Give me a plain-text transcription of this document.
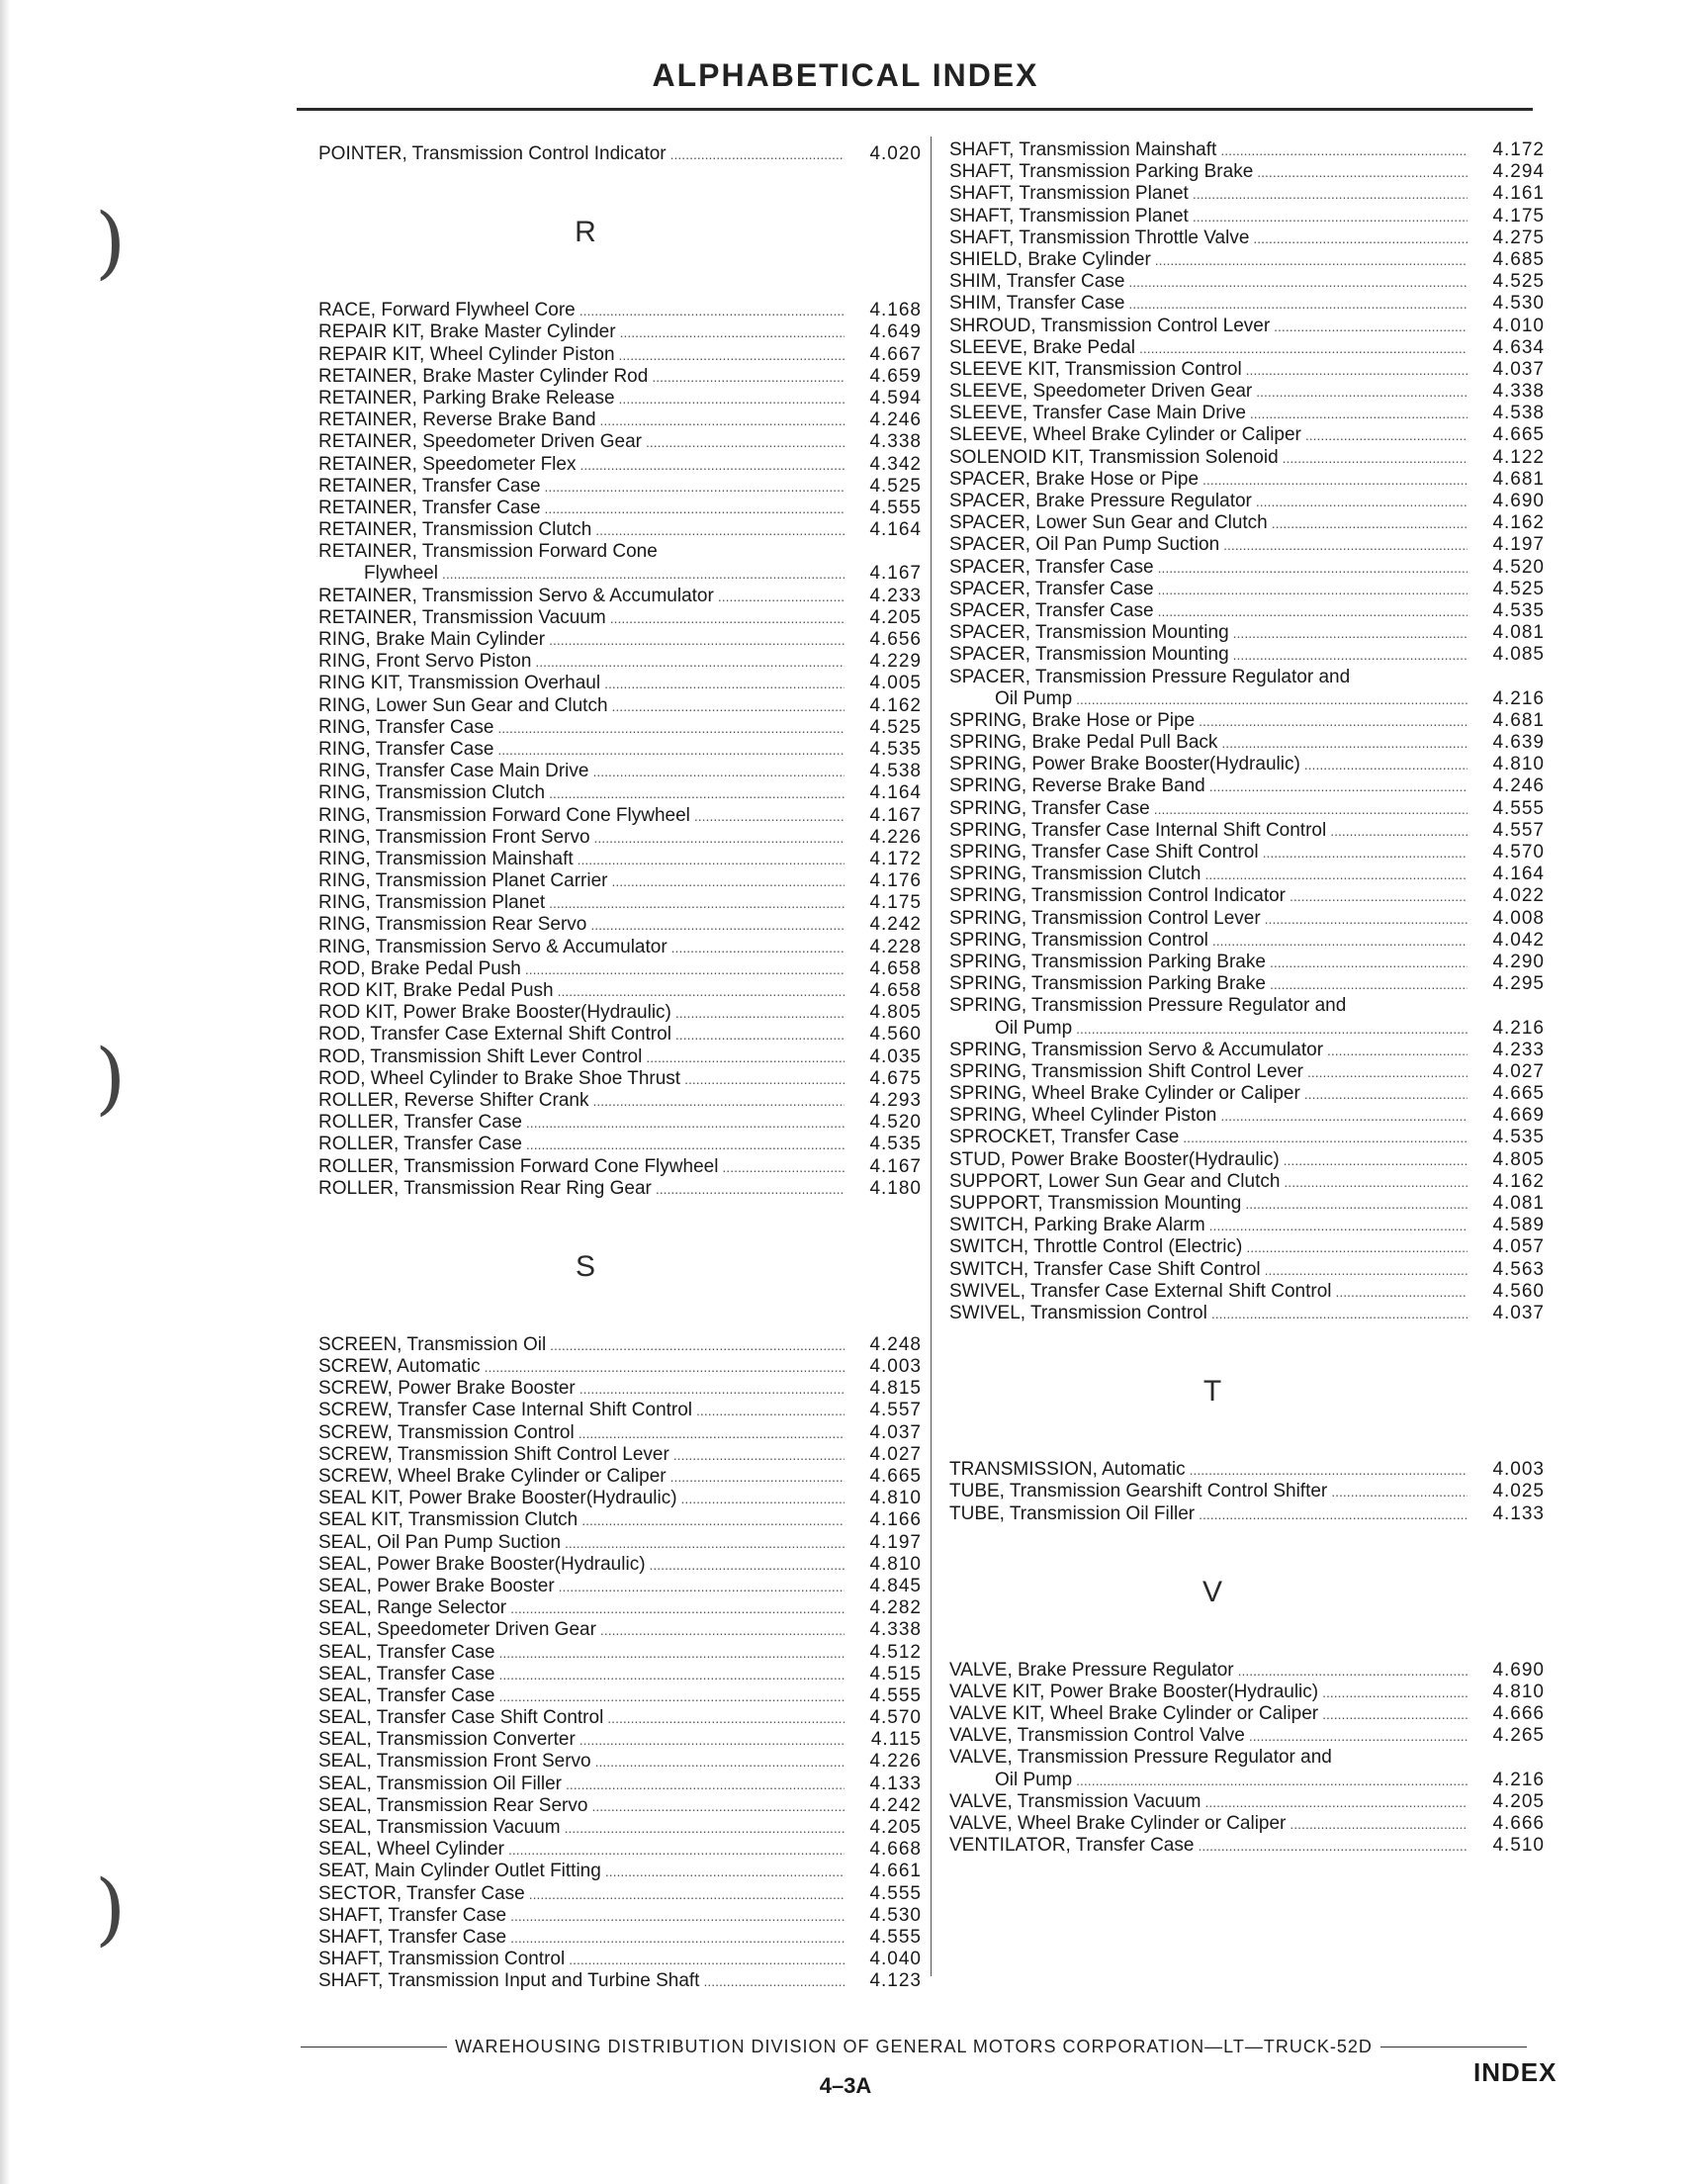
)
)
)
ALPHABETICAL INDEX
POINTER, Transmission Control Indicator .....	4.020
R
RACE, Forward Flywheel Core .....	4.168
REPAIR KIT, Brake Master Cylinder .....	4.649
REPAIR KIT, Wheel Cylinder Piston .....	4.667
RETAINER, Brake Master Cylinder Rod .....	4.659
RETAINER, Parking Brake Release .....	4.594
RETAINER, Reverse Brake Band .....	4.246
RETAINER, Speedometer Driven Gear .....	4.338
RETAINER, Speedometer Flex .....	4.342
RETAINER, Transfer Case .....	4.525
RETAINER, Transfer Case .....	4.555
RETAINER, Transmission Clutch .....	4.164
RETAINER, Transmission Forward Cone
Flywheel .....	4.167
RETAINER, Transmission Servo & Accumulator .....	4.233
RETAINER, Transmission Vacuum .....	4.205
RING, Brake Main Cylinder .....	4.656
RING, Front Servo Piston .....	4.229
RING KIT, Transmission Overhaul .....	4.005
RING, Lower Sun Gear and Clutch .....	4.162
RING, Transfer Case .....	4.525
RING, Transfer Case .....	4.535
RING, Transfer Case Main Drive .....	4.538
RING, Transmission Clutch .....	4.164
RING, Transmission Forward Cone Flywheel .....	4.167
RING, Transmission Front Servo .....	4.226
RING, Transmission Mainshaft .....	4.172
RING, Transmission Planet Carrier .....	4.176
RING, Transmission Planet .....	4.175
RING, Transmission Rear Servo .....	4.242
RING, Transmission Servo & Accumulator .....	4.228
ROD, Brake Pedal Push .....	4.658
ROD KIT, Brake Pedal Push .....	4.658
ROD KIT, Power Brake Booster(Hydraulic) .....	4.805
ROD, Transfer Case External Shift Control .....	4.560
ROD, Transmission Shift Lever Control .....	4.035
ROD, Wheel Cylinder to Brake Shoe Thrust .....	4.675
ROLLER, Reverse Shifter Crank .....	4.293
ROLLER, Transfer Case .....	4.520
ROLLER, Transfer Case .....	4.535
ROLLER, Transmission Forward Cone Flywheel .....	4.167
ROLLER, Transmission Rear Ring Gear .....	4.180
S
SCREEN, Transmission Oil .....	4.248
SCREW, Automatic .....	4.003
SCREW, Power Brake Booster .....	4.815
SCREW, Transfer Case Internal Shift Control .....	4.557
SCREW, Transmission Control .....	4.037
SCREW, Transmission Shift Control Lever .....	4.027
SCREW, Wheel Brake Cylinder or Caliper .....	4.665
SEAL KIT, Power Brake Booster(Hydraulic) .....	4.810
SEAL KIT, Transmission Clutch .....	4.166
SEAL, Oil Pan Pump Suction .....	4.197
SEAL, Power Brake Booster(Hydraulic) .....	4.810
SEAL, Power Brake Booster .....	4.845
SEAL, Range Selector .....	4.282
SEAL, Speedometer Driven Gear .....	4.338
SEAL, Transfer Case .....	4.512
SEAL, Transfer Case .....	4.515
SEAL, Transfer Case .....	4.555
SEAL, Transfer Case Shift Control .....	4.570
SEAL, Transmission Converter .....	4.115
SEAL, Transmission Front Servo .....	4.226
SEAL, Transmission Oil Filler .....	4.133
SEAL, Transmission Rear Servo .....	4.242
SEAL, Transmission Vacuum .....	4.205
SEAL, Wheel Cylinder .....	4.668
SEAT, Main Cylinder Outlet Fitting .....	4.661
SECTOR, Transfer Case .....	4.555
SHAFT, Transfer Case .....	4.530
SHAFT, Transfer Case .....	4.555
SHAFT, Transmission Control .....	4.040
SHAFT, Transmission Input and Turbine Shaft .....	4.123
SHAFT, Transmission Mainshaft .....	4.172
SHAFT, Transmission Parking Brake .....	4.294
SHAFT, Transmission Planet .....	4.161
SHAFT, Transmission Planet .....	4.175
SHAFT, Transmission Throttle Valve .....	4.275
SHIELD, Brake Cylinder .....	4.685
SHIM, Transfer Case .....	4.525
SHIM, Transfer Case .....	4.530
SHROUD, Transmission Control Lever .....	4.010
SLEEVE, Brake Pedal .....	4.634
SLEEVE KIT, Transmission Control .....	4.037
SLEEVE, Speedometer Driven Gear .....	4.338
SLEEVE, Transfer Case Main Drive .....	4.538
SLEEVE, Wheel Brake Cylinder or Caliper .....	4.665
SOLENOID KIT, Transmission Solenoid .....	4.122
SPACER, Brake Hose or Pipe .....	4.681
SPACER, Brake Pressure Regulator .....	4.690
SPACER, Lower Sun Gear and Clutch .....	4.162
SPACER, Oil Pan Pump Suction .....	4.197
SPACER, Transfer Case .....	4.520
SPACER, Transfer Case .....	4.525
SPACER, Transfer Case .....	4.535
SPACER, Transmission Mounting .....	4.081
SPACER, Transmission Mounting .....	4.085
SPACER, Transmission Pressure Regulator and
Oil Pump .....	4.216
SPRING, Brake Hose or Pipe .....	4.681
SPRING, Brake Pedal Pull Back .....	4.639
SPRING, Power Brake Booster(Hydraulic) .....	4.810
SPRING, Reverse Brake Band .....	4.246
SPRING, Transfer Case .....	4.555
SPRING, Transfer Case Internal Shift Control .....	4.557
SPRING, Transfer Case Shift Control .....	4.570
SPRING, Transmission Clutch .....	4.164
SPRING, Transmission Control Indicator .....	4.022
SPRING, Transmission Control Lever .....	4.008
SPRING, Transmission Control .....	4.042
SPRING, Transmission Parking Brake .....	4.290
SPRING, Transmission Parking Brake .....	4.295
SPRING, Transmission Pressure Regulator and
Oil Pump .....	4.216
SPRING, Transmission Servo & Accumulator .....	4.233
SPRING, Transmission Shift Control Lever .....	4.027
SPRING, Wheel Brake Cylinder or Caliper .....	4.665
SPRING, Wheel Cylinder Piston .....	4.669
SPROCKET, Transfer Case .....	4.535
STUD, Power Brake Booster(Hydraulic) .....	4.805
SUPPORT, Lower Sun Gear and Clutch .....	4.162
SUPPORT, Transmission Mounting .....	4.081
SWITCH, Parking Brake Alarm .....	4.589
SWITCH, Throttle Control (Electric) .....	4.057
SWITCH, Transfer Case Shift Control .....	4.563
SWIVEL, Transfer Case External Shift Control .....	4.560
SWIVEL, Transmission Control .....	4.037
T
TRANSMISSION, Automatic .....	4.003
TUBE, Transmission Gearshift Control Shifter .....	4.025
TUBE, Transmission Oil Filler .....	4.133
V
VALVE, Brake Pressure Regulator .....	4.690
VALVE KIT, Power Brake Booster(Hydraulic) .....	4.810
VALVE KIT, Wheel Brake Cylinder or Caliper .....	4.666
VALVE, Transmission Control Valve .....	4.265
VALVE, Transmission Pressure Regulator and
Oil Pump .....	4.216
VALVE, Transmission Vacuum .....	4.205
VALVE, Wheel Brake Cylinder or Caliper .....	4.666
VENTILATOR, Transfer Case .....	4.510
WAREHOUSING DISTRIBUTION DIVISION OF GENERAL MOTORS CORPORATION—LT—TRUCK-52D
4–3A	INDEX
